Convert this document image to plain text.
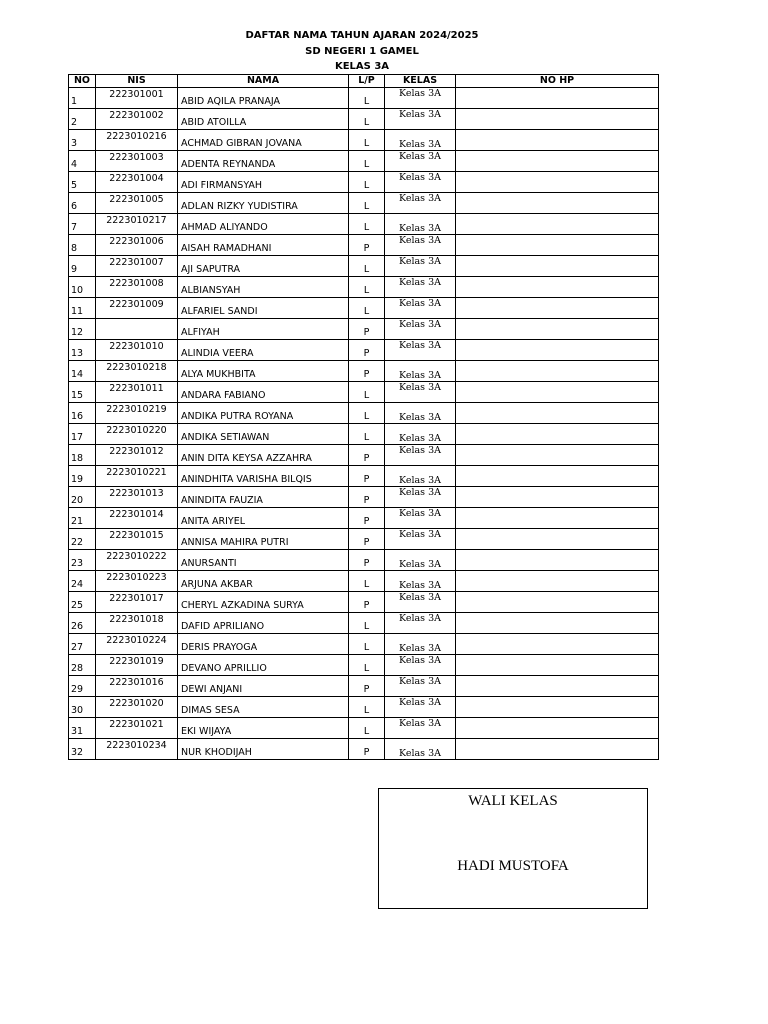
DAFTAR NAMA TAHUN AJARAN 2024/2025
SD NEGERI 1 GAMEL
KELAS 3A
NO	NIS	NAMA	L/P	KELAS	NO HP
1	222301001	ABID AQILA PRANAJA	L	Kelas 3A	
2	222301002	ABID ATOILLA	L	Kelas 3A	
3	2223010216	ACHMAD GIBRAN JOVANA	L	Kelas 3A	
4	222301003	ADENTA REYNANDA	L	Kelas 3A	
5	222301004	ADI FIRMANSYAH	L	Kelas 3A	
6	222301005	ADLAN RIZKY YUDISTIRA	L	Kelas 3A	
7	2223010217	AHMAD ALIYANDO	L	Kelas 3A	
8	222301006	AISAH RAMADHANI	P	Kelas 3A	
9	222301007	AJI SAPUTRA	L	Kelas 3A	
10	222301008	ALBIANSYAH	L	Kelas 3A	
11	222301009	ALFARIEL SANDI	L	Kelas 3A	
12		ALFIYAH	P	Kelas 3A	
13	222301010	ALINDIA VEERA	P	Kelas 3A	
14	2223010218	ALYA MUKHBITA	P	Kelas 3A	
15	222301011	ANDARA FABIANO	L	Kelas 3A	
16	2223010219	ANDIKA PUTRA ROYANA	L	Kelas 3A	
17	2223010220	ANDIKA SETIAWAN	L	Kelas 3A	
18	222301012	ANIN DITA KEYSA AZZAHRA	P	Kelas 3A	
19	2223010221	ANINDHITA VARISHA BILQIS	P	Kelas 3A	
20	222301013	ANINDITA FAUZIA	P	Kelas 3A	
21	222301014	ANITA ARIYEL	P	Kelas 3A	
22	222301015	ANNISA MAHIRA PUTRI	P	Kelas 3A	
23	2223010222	ANURSANTI	P	Kelas 3A	
24	2223010223	ARJUNA AKBAR	L	Kelas 3A	
25	222301017	CHERYL AZKADINA SURYA	P	Kelas 3A	
26	222301018	DAFID APRILIANO	L	Kelas 3A	
27	2223010224	DERIS PRAYOGA	L	Kelas 3A	
28	222301019	DEVANO APRILLIO	L	Kelas 3A	
29	222301016	DEWI ANJANI	P	Kelas 3A	
30	222301020	DIMAS SESA	L	Kelas 3A	
31	222301021	EKI WIJAYA	L	Kelas 3A	
32	2223010234	NUR KHODIJAH	P	Kelas 3A	
WALI KELAS
HADI MUSTOFA
